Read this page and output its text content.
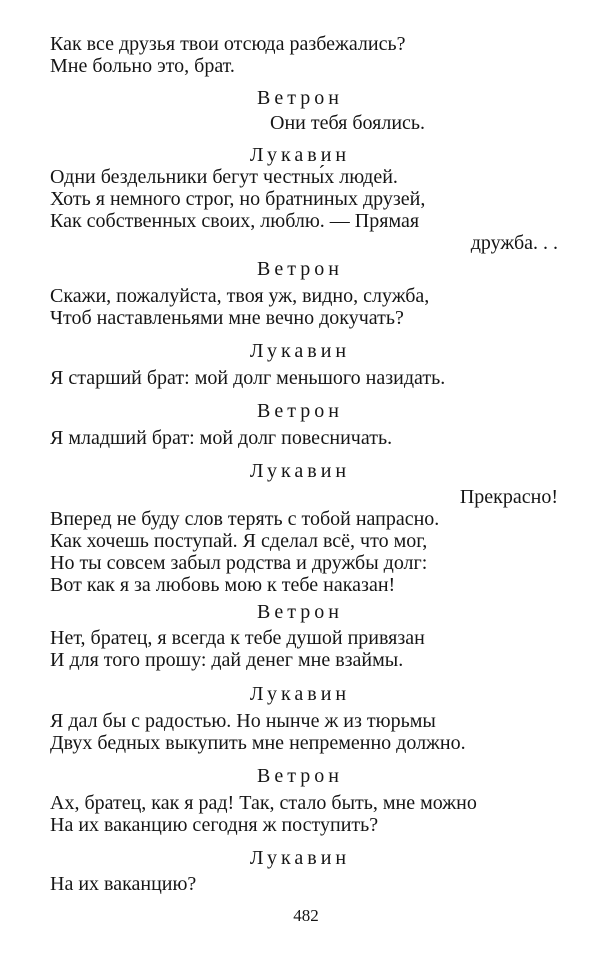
Как все друзья твои отсюда разбежались?
Мне больно это, брат.
Ветрон
Они тебя боялись.
Лукавин
Одни бездельники бегут честны́х людей.
Хоть я немного строг, но братниных друзей,
Как собственных своих, люблю. — Прямая
дружба. . .
Ветрон
Скажи, пожалуйста, твоя уж, видно, служба,
Чтоб наставленьями мне вечно докучать?
Лукавин
Я старший брат: мой долг меньшого назидать.
Ветрон
Я младший брат: мой долг повесничать.
Лукавин
Прекрасно!
Вперед не буду слов терять с тобой напрасно.
Как хочешь поступай. Я сделал всё, что мог,
Но ты совсем забыл родства и дружбы долг:
Вот как я за любовь мою к тебе наказан!
Ветрон
Нет, братец, я всегда к тебе душой привязан
И для того прошу: дай денег мне взаймы.
Лукавин
Я дал бы с радостью. Но нынче ж из тюрьмы
Двух бедных выкупить мне непременно должно.
Ветрон
Ах, братец, как я рад! Так, стало быть, мне можно
На их ваканцию сегодня ж поступить?
Лукавин
На их ваканцию?
482
